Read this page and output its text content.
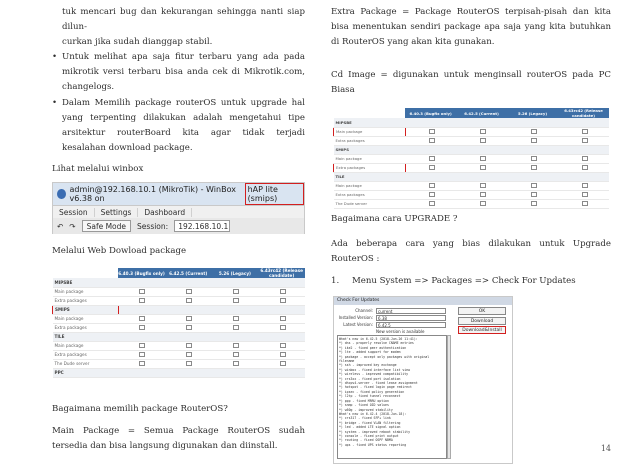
tuk mencari bug dan kekurangan sehingga nanti siap dilun-
curkan jika sudah dianggap stabil.
• Untuk melihat apa saja fitur terbaru yang ada pada mikrotik versi terbaru bisa anda cek di Mikrotik.com, changelogs.
• Dalam Memilih package routerOS untuk upgrade hal yang terpenting dilakukan adalah mengetahui tipe arsitektur routerBoard kita agar tidak terjadi kesalahan download package.
Lihat melalui winbox
admin@192.168.10.1 (MikroTik) - WinBox v6.38 on
hAP lite (smips)
Session	Settings	Dashboard
↶ ↷	Safe Mode	Session:	192.168.10.1
Melalui Web Dowload package
	6.40.3 (Bugfix only)	6.42.5 (Current)	5.26 (Legacy)	6.43rc42 (Release candidate)
MIPSBE				
Main package				
Extra packages				
SMIPS				
Main package				
Extra packages				
TILE				
Main package				
Extra packages				
The Dude server				
PPC				
Bagaimana memilih package RouterOS?
Main Package = Semua Package RouterOS sudah tersedia dan bisa langsung digunakan dan diinstall.
Extra Package = Package RouterOS terpisah-pisah dan kita bisa menentukan sendiri package apa saja yang kita butuhkan di RouterOS yang akan kita gunakan.
Cd Image = digunakan untuk menginsall routerOS pada PC Biasa
	6.40.3 (Bugfix only)	6.42.5 (Current)	5.26 (Legacy)	6.43rc42 (Release candidate)
MIPSBE				
Main package				
Extra packages				
SMIPS				
Main package				
Extra packages				
TILE				
Main package				
Extra packages				
The Dude server				
Bagaimana cara UPGRADE ?
Ada beberapa cara yang bias dilakukan untuk Upgrade RouterOS :
1. Menu System => Packages => Check For Updates
Check For Updates
Channel:	current
Installed Version:	6.38
Latest Version:	6.42.5
New version is available
OK
Download
Download&Install
What's new in 6.42.5 (2018-Jun-26 11:41):
*) dns - properly resolve CNAME entries
*) ike2 - fixed peer authentication
*) lte - added support for modem
*) package - accept only packages with original filename
*) ssh - improved key exchange
*) winbox - fixed interface list view
*) wireless - improved compatibility
*) crs3xx - fixed port isolation
*) dhcpv4-server - fixed lease assignment
*) hotspot - fixed login page redirect
*) ipsec - fixed policy generation
*) l2tp - fixed tunnel reconnect
*) ppp - fixed MRRU option
*) snmp - fixed OID values
*) w60g - improved stability
What's new in 6.42.4 (2018-Jun-18):
*) crs317 - fixed SFP+ link
*) bridge - fixed VLAN filtering
*) led - added LTE signal option
*) system - improved reboot stability
*) console - fixed print output
*) routing - fixed OSPF NBMA
*) ups - fixed UPS status reporting	14
